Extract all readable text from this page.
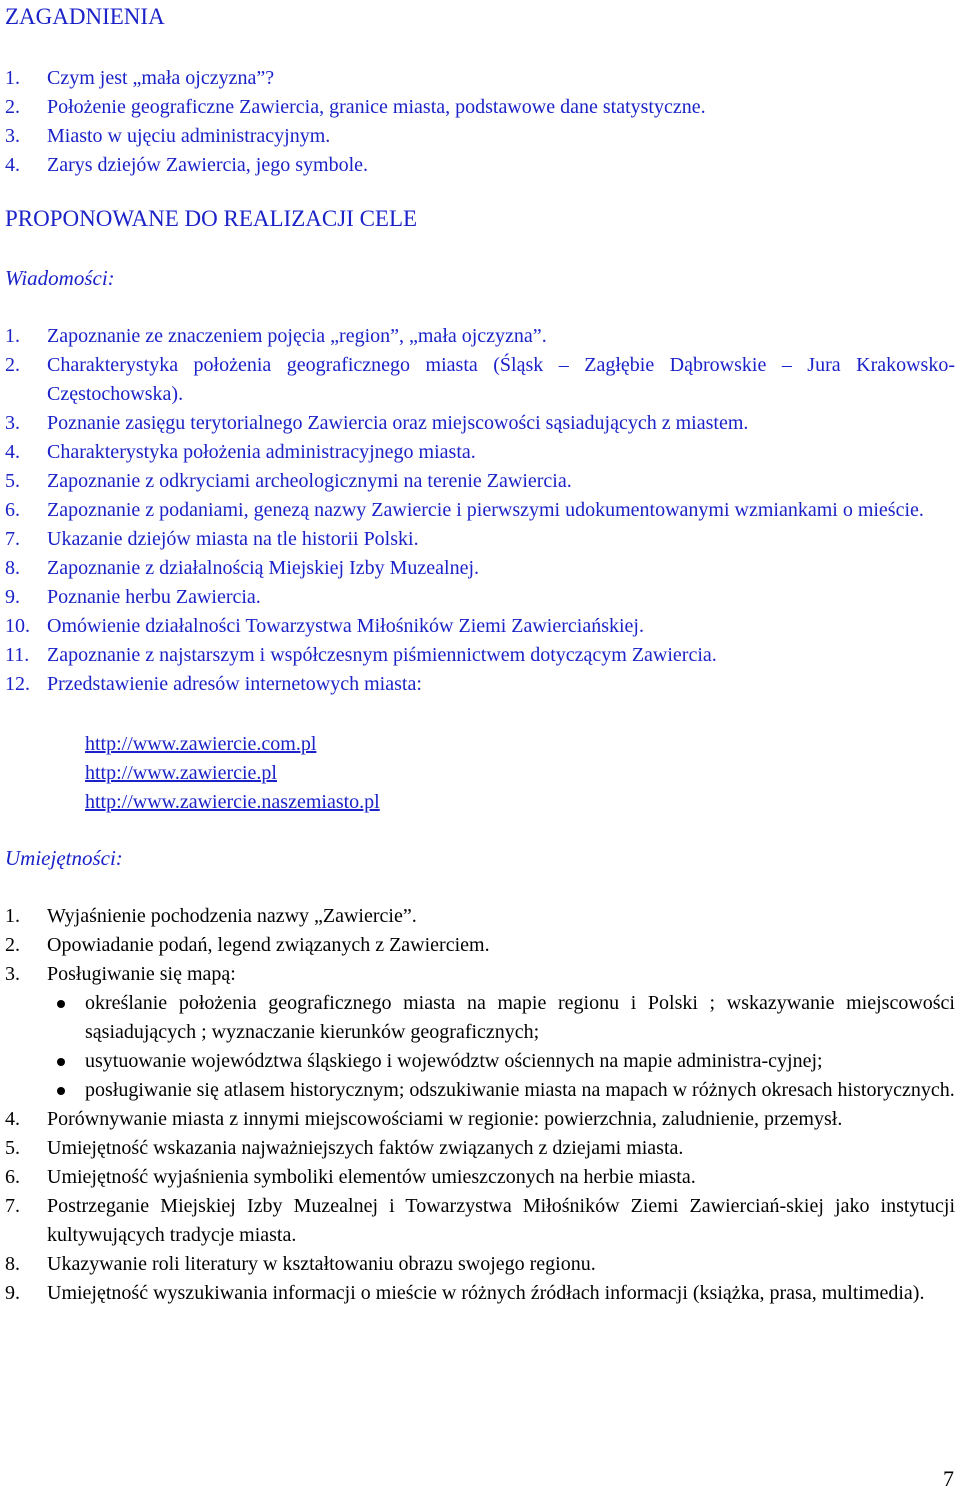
ZAGADNIENIA
1. Czym jest „mała ojczyzna”?
2. Położenie geograficzne Zawiercia, granice miasta, podstawowe dane statystyczne.
3. Miasto w ujęciu administracyjnym.
4. Zarys dziejów Zawiercia, jego symbole.
PROPONOWANE DO REALIZACJI CELE
Wiadomości:
1. Zapoznanie ze znaczeniem pojęcia „region”, „mała ojczyzna”.
2. Charakterystyka położenia geograficznego miasta (Śląsk – Zagłębie Dąbrowskie – Jura Krakowsko-Częstochowska).
3. Poznanie zasięgu terytorialnego Zawiercia oraz miejscowości sąsiadujących z miastem.
4. Charakterystyka położenia administracyjnego miasta.
5. Zapoznanie z odkryciami archeologicznymi na terenie Zawiercia.
6. Zapoznanie z podaniami, genezą nazwy Zawiercie i pierwszymi udokumentowanymi wzmiankami o mieście.
7. Ukazanie dziejów miasta na tle historii Polski.
8. Zapoznanie z działalnością Miejskiej Izby Muzealnej.
9. Poznanie herbu Zawiercia.
10. Omówienie działalności Towarzystwa Miłośników Ziemi Zawierciańskiej.
11. Zapoznanie z najstarszym i współczesnym piśmiennictwem dotyczącym Zawiercia.
12. Przedstawienie adresów internetowych miasta:
http://www.zawiercie.com.pl
http://www.zawiercie.pl
http://www.zawiercie.naszemiasto.pl
Umiejętności:
1. Wyjaśnienie pochodzenia nazwy „Zawiercie”.
2. Opowiadanie podań, legend związanych z Zawierciem.
3. Posługiwanie się mapą:
określanie położenia geograficznego miasta na mapie regionu i Polski ; wskazywanie miejscowości sąsiadujących ; wyznaczanie kierunków geograficznych;
usytuowanie województwa śląskiego i województw ościennych na mapie administra-cyjnej;
posługiwanie się atlasem historycznym; odszukiwanie miasta na mapach w różnych okresach historycznych.
4. Porównywanie miasta z innymi miejscowościami w regionie: powierzchnia, zaludnienie, przemysł.
5. Umiejętność wskazania najważniejszych faktów związanych z dziejami miasta.
6. Umiejętność wyjaśnienia symboliki elementów umieszczonych na herbie miasta.
7. Postrzeganie Miejskiej Izby Muzealnej i Towarzystwa Miłośników Ziemi Zawierciań-skiej jako instytucji kultywujących tradycje miasta.
8. Ukazywanie roli literatury w kształtowaniu obrazu swojego regionu.
9. Umiejętność wyszukiwania informacji o mieście w różnych źródłach informacji (książka, prasa, multimedia).
7
